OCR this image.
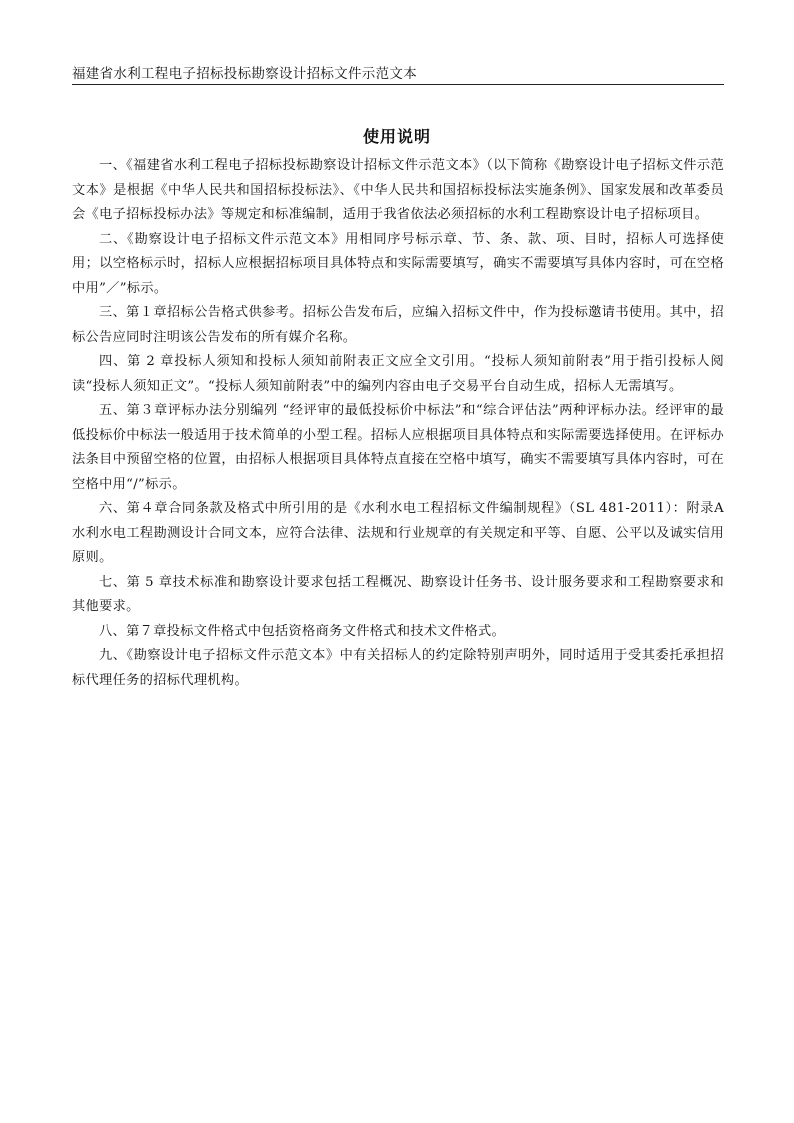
福建省水利工程电子招标投标勘察设计招标文件示范文本
使用说明

一、《福建省水利工程电子招标投标勘察设计招标文件示范文本》（以下简称《勘察设计电子招标文件示范文本》是根据《中华人民共和国招标投标法》、《中华人民共和国招标投标法实施条例》、国家发展和改革委员会《电子招标投标办法》等规定和标准编制，适用于我省依法必须招标的水利工程勘察设计电子招标项目。

二、《勘察设计电子招标文件示范文本》用相同序号标示章、节、条、款、项、目时，招标人可选择使用；以空格标示时，招标人应根据招标项目具体特点和实际需要填写，确实不需要填写具体内容时，可在空格中用”／”标示。

三、第１章招标公告格式供参考。招标公告发布后，应编入招标文件中，作为投标邀请书使用。其中，招标公告应同时注明该公告发布的所有媒介名称。

四、第 2 章投标人须知和投标人须知前附表正文应全文引用。“投标人须知前附表”用于指引投标人阅读“投标人须知正文”。“投标人须知前附表”中的编列内容由电子交易平台自动生成，招标人无需填写。

五、第３章评标办法分别编列 “经评审的最低投标价中标法”和“综合评估法”两种评标办法。经评审的最低投标价中标法一般适用于技术简单的小型工程。招标人应根据项目具体特点和实际需要选择使用。在评标办法条目中预留空格的位置，由招标人根据项目具体特点直接在空格中填写，确实不需要填写具体内容时，可在空格中用“/”标示。

六、第４章合同条款及格式中所引用的是《水利水电工程招标文件编制规程》（SL 481-2011）：附录A 水利水电工程勘测设计合同文本，应符合法律、法规和行业规章的有关规定和平等、自愿、公平以及诚实信用原则。

七、第 5 章技术标准和勘察设计要求包括工程概况、勘察设计任务书、设计服务要求和工程勘察要求和其他要求。

八、第７章投标文件格式中包括资格商务文件格式和技术文件格式。

九、《勘察设计电子招标文件示范文本》中有关招标人的约定除特别声明外，同时适用于受其委托承担招标代理任务的招标代理机构。
